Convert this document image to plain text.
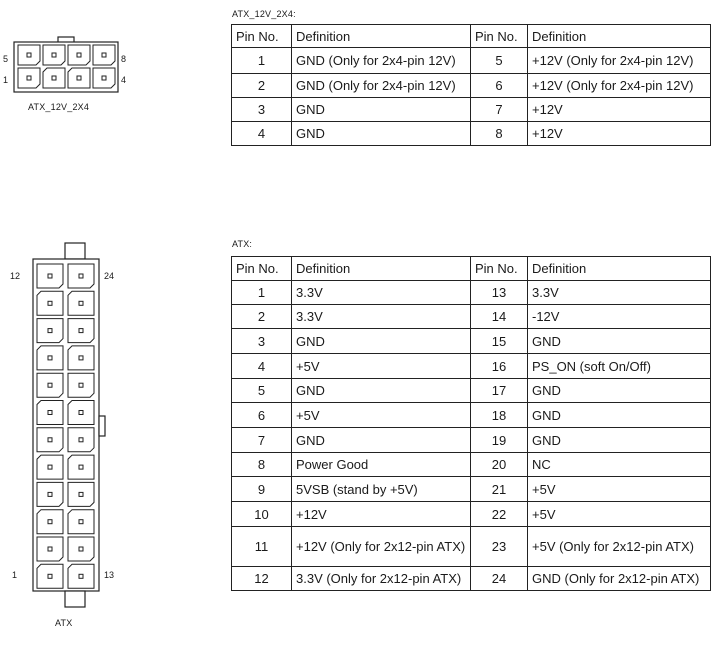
5	8
1	4
ATX_12V_2X4
ATX_12V_2X4:
Pin No.	Definition	Pin No.	Definition
1	GND (Only for 2x4-pin 12V)	5	+12V (Only for 2x4-pin 12V)
2	GND (Only for 2x4-pin 12V)	6	+12V (Only for 2x4-pin 12V)
3	GND	7	+12V
4	GND	8	+12V
12	24
1	13
ATX
ATX:
Pin No.	Definition	Pin No.	Definition
1	3.3V	13	3.3V
2	3.3V	14	-12V
3	GND	15	GND
4	+5V	16	PS_ON (soft On/Off)
5	GND	17	GND
6	+5V	18	GND
7	GND	19	GND
8	Power Good	20	NC
9	5VSB (stand by +5V)	21	+5V
10	+12V	22	+5V
11	+12V (Only for 2x12-pin ATX)	23	+5V (Only for 2x12-pin ATX)
12	3.3V (Only for 2x12-pin ATX)	24	GND (Only for 2x12-pin ATX)
